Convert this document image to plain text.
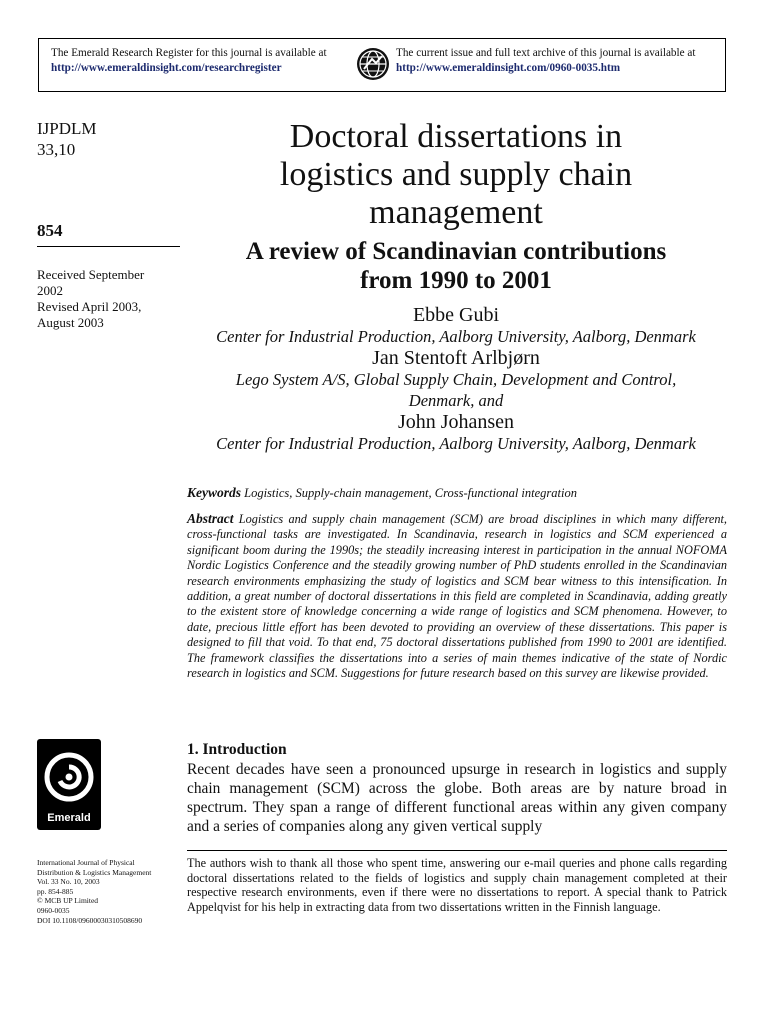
The Emerald Research Register for this journal is available at
http://www.emeraldinsight.com/researchregister
The current issue and full text archive of this journal is available at
http://www.emeraldinsight.com/0960-0035.htm
IJPDLM
33,10
854
Received September
2002
Revised April 2003,
August 2003
Doctoral dissertations in
logistics and supply chain
management
A review of Scandinavian contributions
from 1990 to 2001
Ebbe Gubi
Center for Industrial Production, Aalborg University, Aalborg, Denmark
Jan Stentoft Arlbjørn
Lego System A/S, Global Supply Chain, Development and Control,
Denmark, and
John Johansen
Center for Industrial Production, Aalborg University, Aalborg, Denmark
Keywords Logistics, Supply-chain management, Cross-functional integration
Abstract Logistics and supply chain management (SCM) are broad disciplines in which many different, cross-functional tasks are investigated. In Scandinavia, research in logistics and SCM experienced a significant boom during the 1990s; the steadily increasing interest in participation in the annual NOFOMA Nordic Logistics Conference and the steadily growing number of PhD students enrolled in the Scandinavian research environments emphasizing the study of logistics and SCM bear witness to this intensification. In addition, a great number of doctoral dissertations in this field are completed in Scandinavia, adding greatly to the existent store of knowledge concerning a wide range of logistics and SCM phenomena. However, to date, precious little effort has been devoted to providing an overview of these dissertations. This paper is designed to fill that void. To that end, 75 doctoral dissertations published from 1990 to 2001 are identified. The framework classifies the dissertations into a series of main themes indicative of the state of Nordic research in logistics and SCM. Suggestions for future research based on this survey are likewise provided.
Emerald
1. Introduction
Recent decades have seen a pronounced upsurge in research in logistics and supply chain management (SCM) across the globe. Both areas are by nature broad in spectrum. They span a range of different functional areas within any given company and a series of companies along any given vertical supply
The authors wish to thank all those who spent time, answering our e-mail queries and phone calls regarding doctoral dissertations related to the fields of logistics and supply chain management completed at their respective research environments, even if there were no dissertations to report. A special thank to Patrick Appelqvist for his help in extracting data from two dissertations written in the Finnish language.
International Journal of Physical
Distribution & Logistics Management
Vol. 33 No. 10, 2003
pp. 854-885
© MCB UP Limited
0960-0035
DOI 10.1108/09600030310508690
